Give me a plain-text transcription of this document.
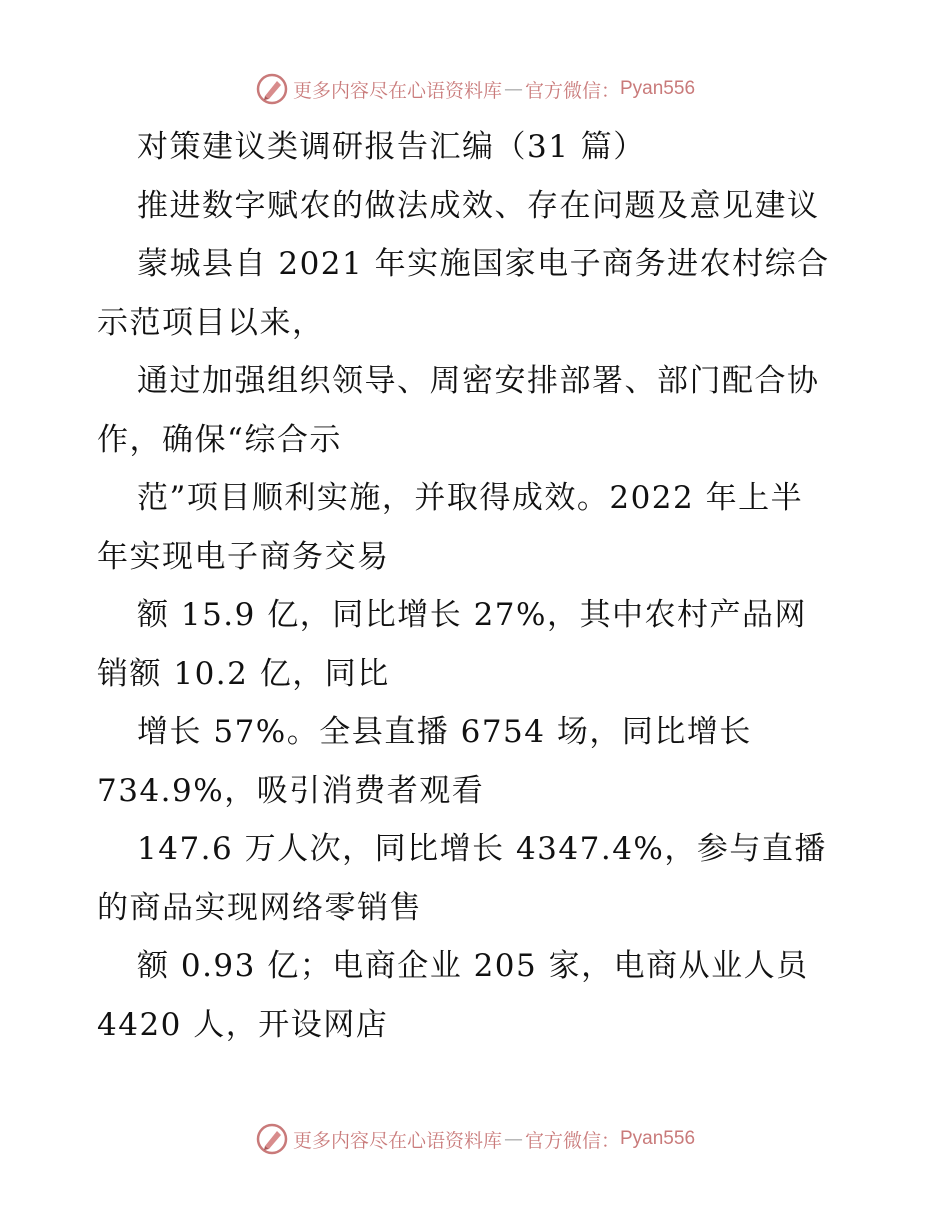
更多内容尽在心语资料库 — 官方微信： Pyan556
对策建议类调研报告汇编（31 篇）
推进数字赋农的做法成效、存在问题及意见建议
蒙城县自 2021 年实施国家电子商务进农村综合
示范项目以来，
通过加强组织领导、周密安排部署、部门配合协
作，确保“综合示
范”项目顺利实施，并取得成效。2022 年上半
年实现电子商务交易
额 15.9 亿，同比增长 27%，其中农村产品网
销额 10.2 亿，同比
增长 57%。全县直播 6754 场，同比增长
734.9%，吸引消费者观看
147.6 万人次，同比增长 4347.4%，参与直播
的商品实现网络零销售
额 0.93 亿；电商企业 205 家，电商从业人员
4420 人，开设网店
更多内容尽在心语资料库 — 官方微信： Pyan556
